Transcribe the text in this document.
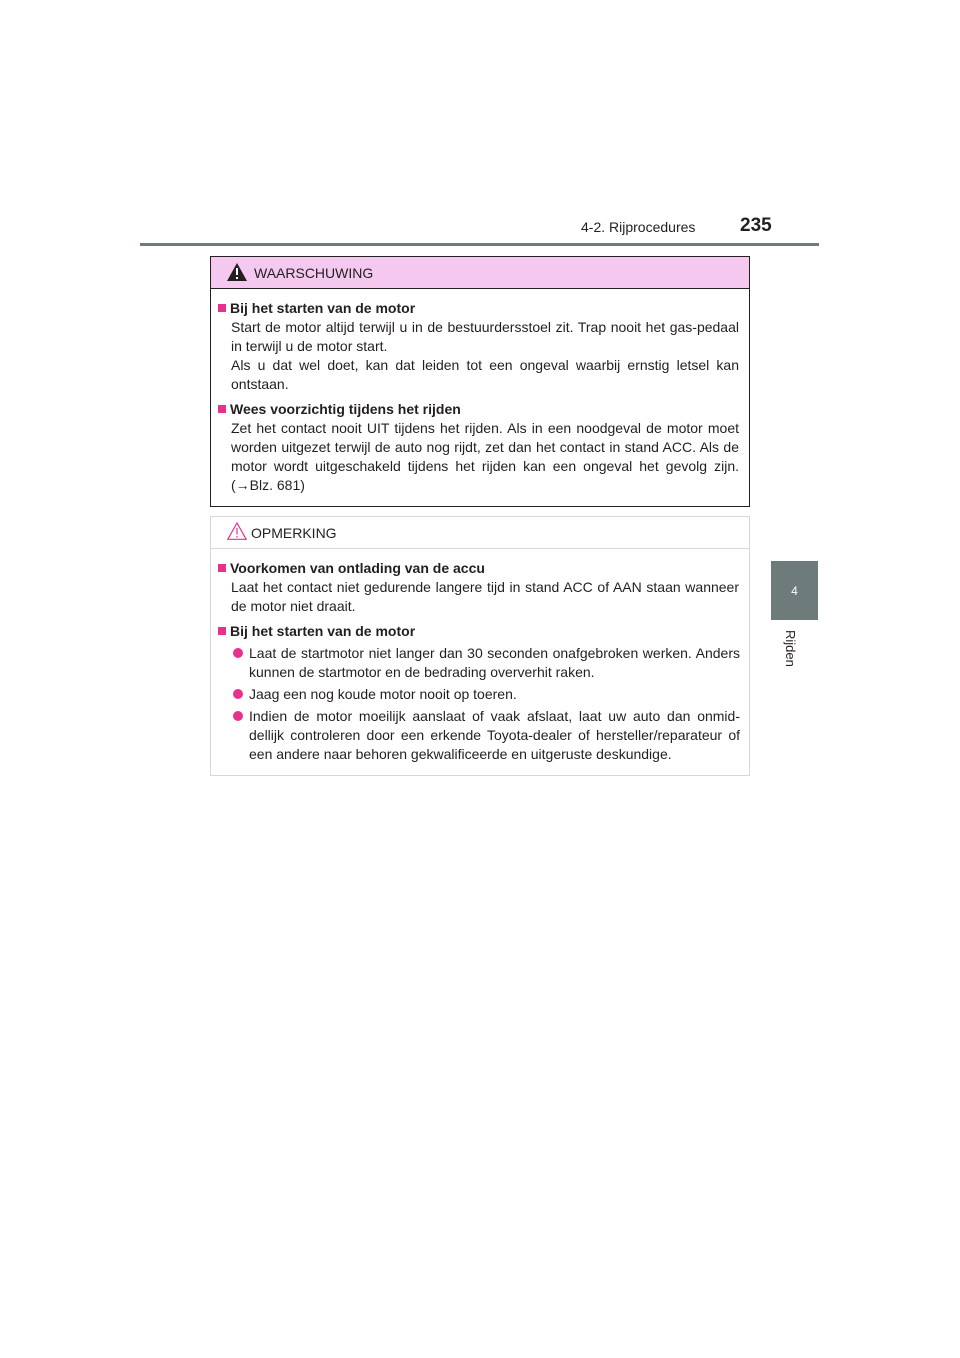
4-2. Rijprocedures 235
4
Rijden
WAARSCHUWING
Bij het starten van de motor
Start de motor altijd terwijl u in de bestuurdersstoel zit. Trap nooit het gas-pedaal in terwijl u de motor start.
Als u dat wel doet, kan dat leiden tot een ongeval waarbij ernstig letsel kan ontstaan.
Wees voorzichtig tijdens het rijden
Zet het contact nooit UIT tijdens het rijden. Als in een noodgeval de motor moet worden uitgezet terwijl de auto nog rijdt, zet dan het contact in stand ACC. Als de motor wordt uitgeschakeld tijdens het rijden kan een ongeval het gevolg zijn. (→Blz. 681)
OPMERKING
Voorkomen van ontlading van de accu
Laat het contact niet gedurende langere tijd in stand ACC of AAN staan wanneer de motor niet draait.
Bij het starten van de motor
Laat de startmotor niet langer dan 30 seconden onafgebroken werken. Anders kunnen de startmotor en de bedrading oververhit raken.
Jaag een nog koude motor nooit op toeren.
Indien de motor moeilijk aanslaat of vaak afslaat, laat uw auto dan onmid-dellijk controleren door een erkende Toyota-dealer of hersteller/reparateur of een andere naar behoren gekwalificeerde en uitgeruste deskundige.
